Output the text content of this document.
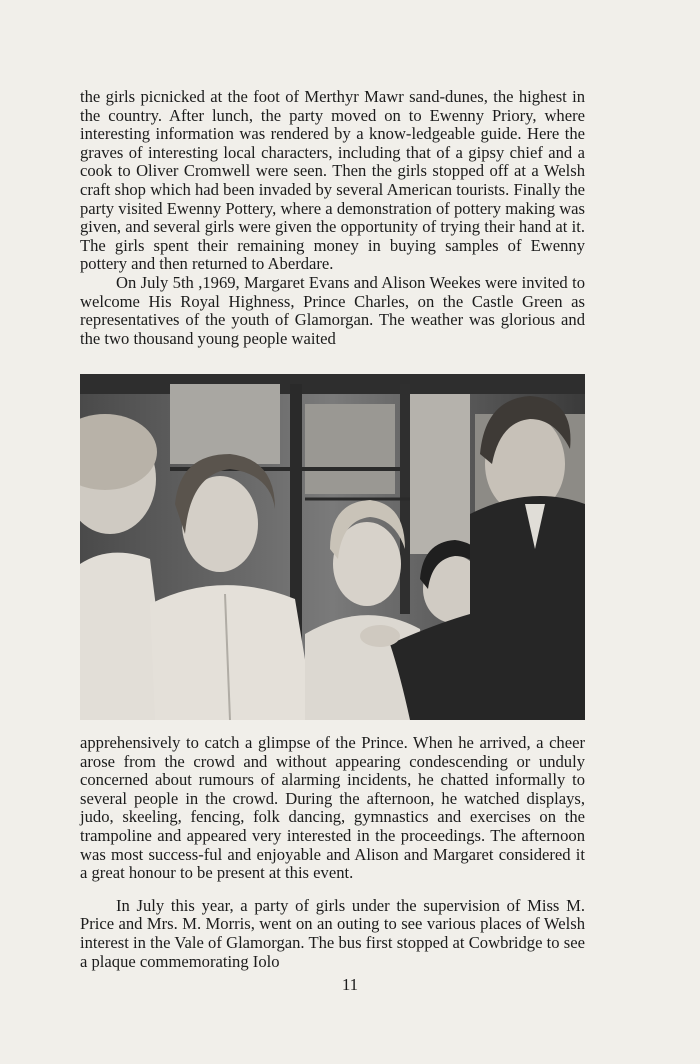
the girls picnicked at the foot of Merthyr Mawr sand-dunes, the highest in the country. After lunch, the party moved on to Ewenny Priory, where interesting information was rendered by a know-ledgeable guide. Here the graves of interesting local characters, including that of a gipsy chief and a cook to Oliver Cromwell were seen. Then the girls stopped off at a Welsh craft shop which had been invaded by several American tourists. Finally the party visited Ewenny Pottery, where a demonstration of pottery making was given, and several girls were given the opportunity of trying their hand at it. The girls spent their remaining money in buying samples of Ewenny pottery and then returned to Aberdare.

On July 5th ,1969, Margaret Evans and Alison Weekes were invited to welcome His Royal Highness, Prince Charles, on the Castle Green as representatives of the youth of Glamorgan. The weather was glorious and the two thousand young people waited

apprehensively to catch a glimpse of the Prince. When he arrived, a cheer arose from the crowd and without appearing condescending or unduly concerned about rumours of alarming incidents, he chatted informally to several people in the crowd. During the afternoon, he watched displays, judo, skeeling, fencing, folk dancing, gymnastics and exercises on the trampoline and appeared very interested in the proceedings. The afternoon was most success-ful and enjoyable and Alison and Margaret considered it a great honour to be present at this event.

In July this year, a party of girls under the supervision of Miss M. Price and Mrs. M. Morris, went on an outing to see various places of Welsh interest in the Vale of Glamorgan. The bus first stopped at Cowbridge to see a plaque commemorating Iolo

11
